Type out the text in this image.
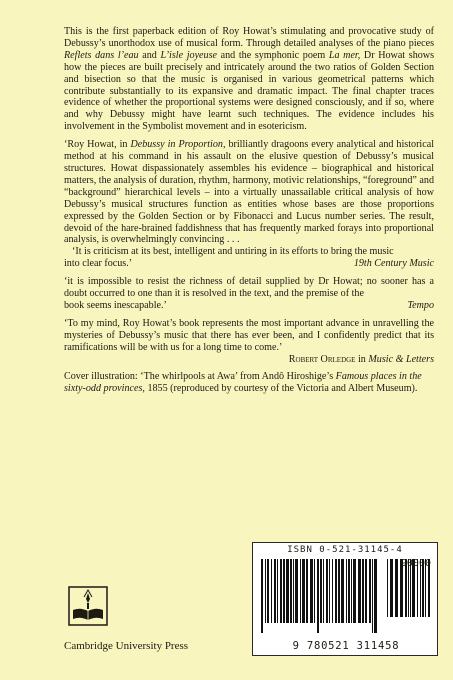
This is the first paperback edition of Roy Howat’s stimulating and provocative study of Debussy’s unorthodox use of musical form. Through detailed analyses of the piano pieces Reflets dans l’eau and L’isle joyeuse and the symphonic poem La mer, Dr Howat shows how the pieces are built precisely and intricately around the two ratios of Golden Section and bisection so that the music is organised in various geometrical patterns which contribute substantially to its expansive and dramatic impact. The final chapter traces evidence of whether the proportional systems were designed consciously, and if so, where and why Debussy might have learnt such techniques. The evidence includes his involvement in the Symbolist movement and in esotericism.

‘Roy Howat, in Debussy in Proportion, brilliantly dragoons every analytical and historical method at his command in his assault on the elusive question of Debussy’s musical structures. Howat dispassionately assembles his evidence – biographical and historical matters, the analysis of duration, rhythm, harmony, motivic relationships, “foreground” and “background” hierarchical levels – into a virtually unassailable critical analysis of how Debussy’s musical structures function as entities whose bases are those proportions expressed by the Golden Section or by Fibonacci and Lucus number series. The result, devoid of the hare-brained faddishness that has frequently marked forays into proportional analysis, is overwhelmingly convincing . . .

‘It is criticism at its best, intelligent and untiring in its efforts to bring the music

into clear focus.’	19th Century Music

‘it is impossible to resist the richness of detail supplied by Dr Howat; no sooner has a doubt occurred to one than it is resolved in the text, and the premise of the

book seems inescapable.’	Tempo

‘To my mind, Roy Howat’s book represents the most important advance in unravelling the mysteries of Debussy’s music that there has ever been, and I confidently predict that its ramifications will be with us for a long time to come.’

Robert Orledge in Music & Letters

Cover illustration: ‘The whirlpools at Awa’ from Andô Hiroshige’s Famous places in the sixty-odd provinces, 1855 (reproduced by courtesy of the Victoria and Albert Museum).

ISBN 0-521-31145-4
90000
9 780521 311458
Cambridge University Press
